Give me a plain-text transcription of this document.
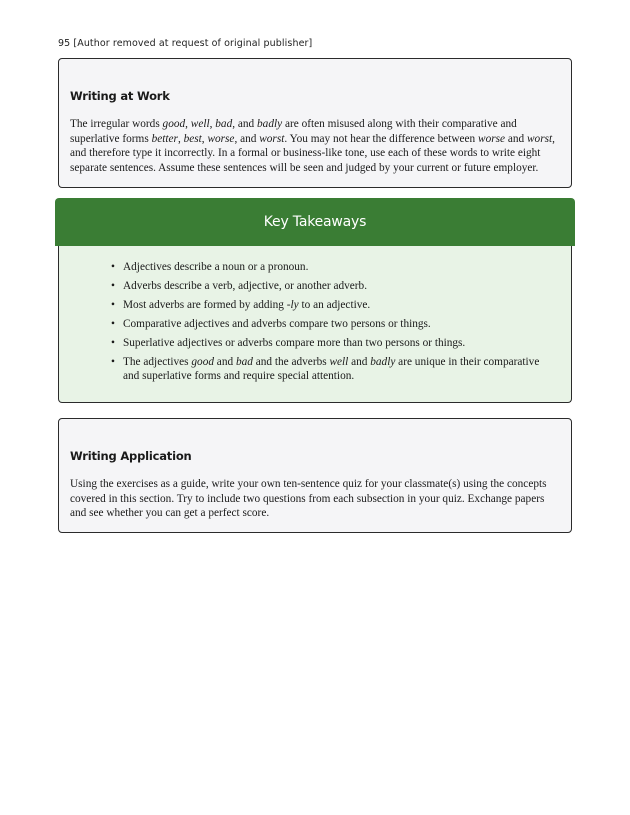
95 [Author removed at request of original publisher]
Writing at Work

The irregular words good, well, bad, and badly are often misused along with their comparative and superlative forms better, best, worse, and worst. You may not hear the difference between worse and worst, and therefore type it incorrectly. In a formal or business-like tone, use each of these words to write eight separate sentences. Assume these sentences will be seen and judged by your current or future employer.

Key Takeaways
• Adjectives describe a noun or a pronoun.
• Adverbs describe a verb, adjective, or another adverb.
• Most adverbs are formed by adding -ly to an adjective.
• Comparative adjectives and adverbs compare two persons or things.
• Superlative adjectives or adverbs compare more than two persons or things.
• The adjectives good and bad and the adverbs well and badly are unique in their comparative and superlative forms and require special attention.
Writing Application

Using the exercises as a guide, write your own ten-sentence quiz for your classmate(s) using the concepts covered in this section. Try to include two questions from each subsection in your quiz. Exchange papers and see whether you can get a perfect score.
